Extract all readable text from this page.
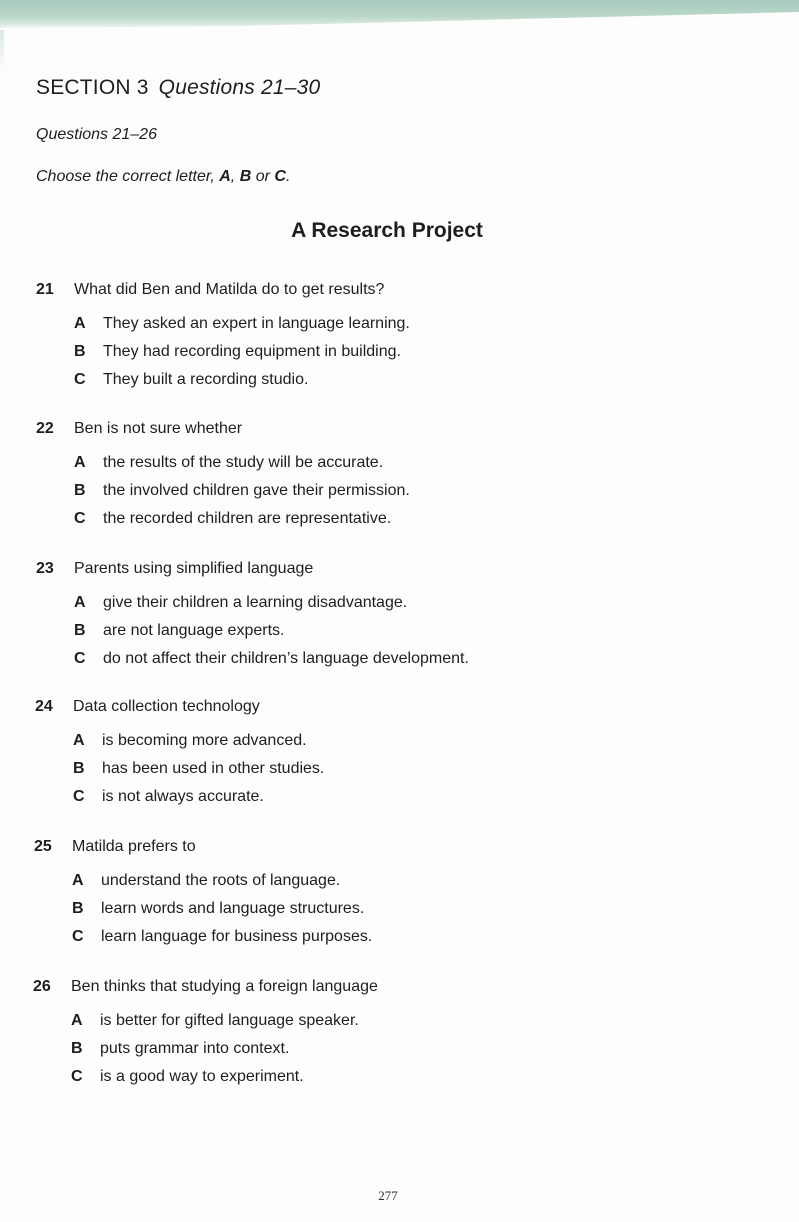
SECTION 3 Questions 21–30
Questions 21–26
Choose the correct letter, A, B or C.
A Research Project
21 What did Ben and Matilda do to get results?
A They asked an expert in language learning.
B They had recording equipment in building.
C They built a recording studio.
22 Ben is not sure whether
A the results of the study will be accurate.
B the involved children gave their permission.
C the recorded children are representative.
23 Parents using simplified language
A give their children a learning disadvantage.
B are not language experts.
C do not affect their children’s language development.
24 Data collection technology
A is becoming more advanced.
B has been used in other studies.
C is not always accurate.
25 Matilda prefers to
A understand the roots of language.
B learn words and language structures.
C learn language for business purposes.
26 Ben thinks that studying a foreign language
A is better for gifted language speaker.
B puts grammar into context.
C is a good way to experiment.
277
